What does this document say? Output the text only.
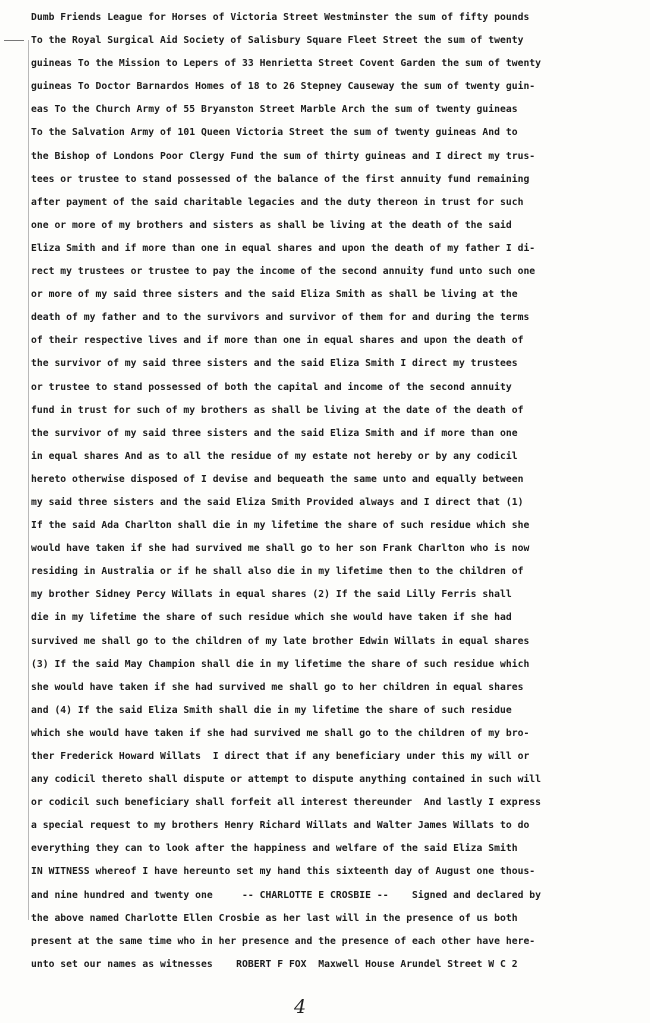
Dumb Friends League for Horses of Victoria Street Westminster the sum of fifty pounds
To the Royal Surgical Aid Society of Salisbury Square Fleet Street the sum of twenty
guineas To the Mission to Lepers of 33 Henrietta Street Covent Garden the sum of twenty
guineas To Doctor Barnardos Homes of 18 to 26 Stepney Causeway the sum of twenty guin-
eas To the Church Army of 55 Bryanston Street Marble Arch the sum of twenty guineas
To the Salvation Army of 101 Queen Victoria Street the sum of twenty guineas And to
the Bishop of Londons Poor Clergy Fund the sum of thirty guineas and I direct my trus-
tees or trustee to stand possessed of the balance of the first annuity fund remaining
after payment of the said charitable legacies and the duty thereon in trust for such
one or more of my brothers and sisters as shall be living at the death of the said
Eliza Smith and if more than one in equal shares and upon the death of my father I di-
rect my trustees or trustee to pay the income of the second annuity fund unto such one
or more of my said three sisters and the said Eliza Smith as shall be living at the
death of my father and to the survivors and survivor of them for and during the terms
of their respective lives and if more than one in equal shares and upon the death of
the survivor of my said three sisters and the said Eliza Smith I direct my trustees
or trustee to stand possessed of both the capital and income of the second annuity
fund in trust for such of my brothers as shall be living at the date of the death of
the survivor of my said three sisters and the said Eliza Smith and if more than one
in equal shares And as to all the residue of my estate not hereby or by any codicil
hereto otherwise disposed of I devise and bequeath the same unto and equally between
my said three sisters and the said Eliza Smith Provided always and I direct that (1)
If the said Ada Charlton shall die in my lifetime the share of such residue which she
would have taken if she had survived me shall go to her son Frank Charlton who is now
residing in Australia or if he shall also die in my lifetime then to the children of
my brother Sidney Percy Willats in equal shares (2) If the said Lilly Ferris shall
die in my lifetime the share of such residue which she would have taken if she had
survived me shall go to the children of my late brother Edwin Willats in equal shares
(3) If the said May Champion shall die in my lifetime the share of such residue which
she would have taken if she had survived me shall go to her children in equal shares
and (4) If the said Eliza Smith shall die in my lifetime the share of such residue
which she would have taken if she had survived me shall go to the children of my bro-
ther Frederick Howard Willats  I direct that if any beneficiary under this my will or
any codicil thereto shall dispute or attempt to dispute anything contained in such will
or codicil such beneficiary shall forfeit all interest thereunder  And lastly I express
a special request to my brothers Henry Richard Willats and Walter James Willats to do
everything they can to look after the happiness and welfare of the said Eliza Smith
IN WITNESS whereof I have hereunto set my hand this sixteenth day of August one thous-
and nine hundred and twenty one     -- CHARLOTTE E CROSBIE --    Signed and declared by
the above named Charlotte Ellen Crosbie as her last will in the presence of us both
present at the same time who in her presence and the presence of each other have here-
unto set our names as witnesses    ROBERT F FOX  Maxwell House Arundel Street W C 2
4
